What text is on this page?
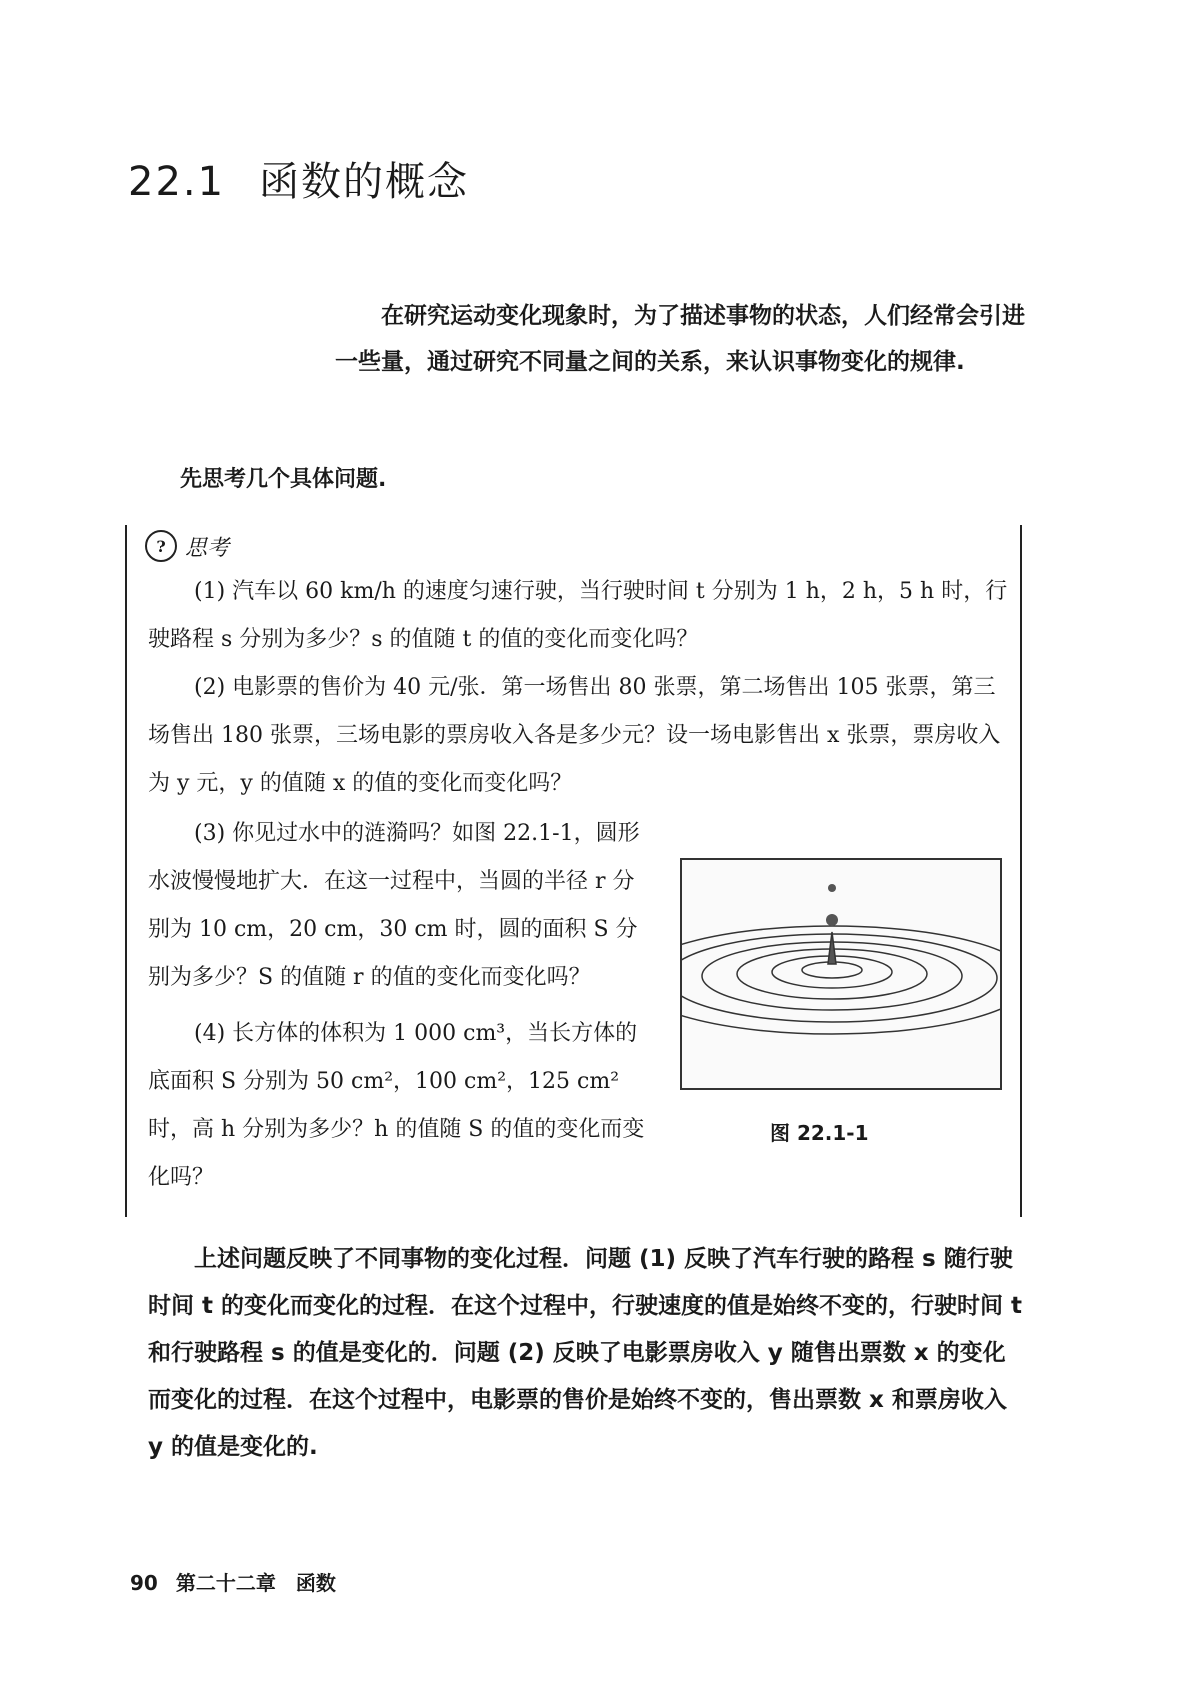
22.1 函数的概念
在研究运动变化现象时，为了描述事物的状态，人们经常会引进一些量，通过研究不同量之间的关系，来认识事物变化的规律.
先思考几个具体问题.
? 思考
(1) 汽车以 60 km/h 的速度匀速行驶，当行驶时间 t 分别为 1 h，2 h，5 h 时，行驶路程 s 分别为多少？s 的值随 t 的值的变化而变化吗？
(2) 电影票的售价为 40 元/张．第一场售出 80 张票，第二场售出 105 张票，第三场售出 180 张票，三场电影的票房收入各是多少元？设一场电影售出 x 张票，票房收入为 y 元，y 的值随 x 的值的变化而变化吗？
(3) 你见过水中的涟漪吗？如图 22.1-1，圆形水波慢慢地扩大．在这一过程中，当圆的半径 r 分别为 10 cm，20 cm，30 cm 时，圆的面积 S 分别为多少？S 的值随 r 的值的变化而变化吗？
(4) 长方体的体积为 1 000 cm³，当长方体的底面积 S 分别为 50 cm²，100 cm²，125 cm² 时，高 h 分别为多少？h 的值随 S 的值的变化而变化吗？
图 22.1-1
上述问题反映了不同事物的变化过程．问题 (1) 反映了汽车行驶的路程 s 随行驶时间 t 的变化而变化的过程．在这个过程中，行驶速度的值是始终不变的，行驶时间 t 和行驶路程 s 的值是变化的．问题 (2) 反映了电影票房收入 y 随售出票数 x 的变化而变化的过程．在这个过程中，电影票的售价是始终不变的，售出票数 x 和票房收入 y 的值是变化的.
90 第二十二章　函数
